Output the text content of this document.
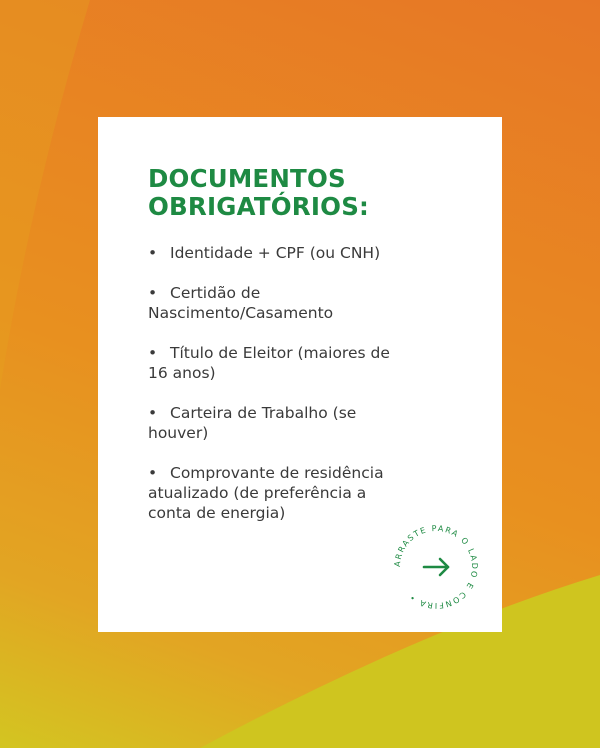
DOCUMENTOS
OBRIGATÓRIOS:
• Identidade + CPF (ou CNH)
• Certidão de Nascimento/Casamento
• Título de Eleitor (maiores de 16 anos)
• Carteira de Trabalho (se houver)
• Comprovante de residência atualizado (de preferência a conta de energia)
ARRASTE PARA O LADO E CONFIRA •
